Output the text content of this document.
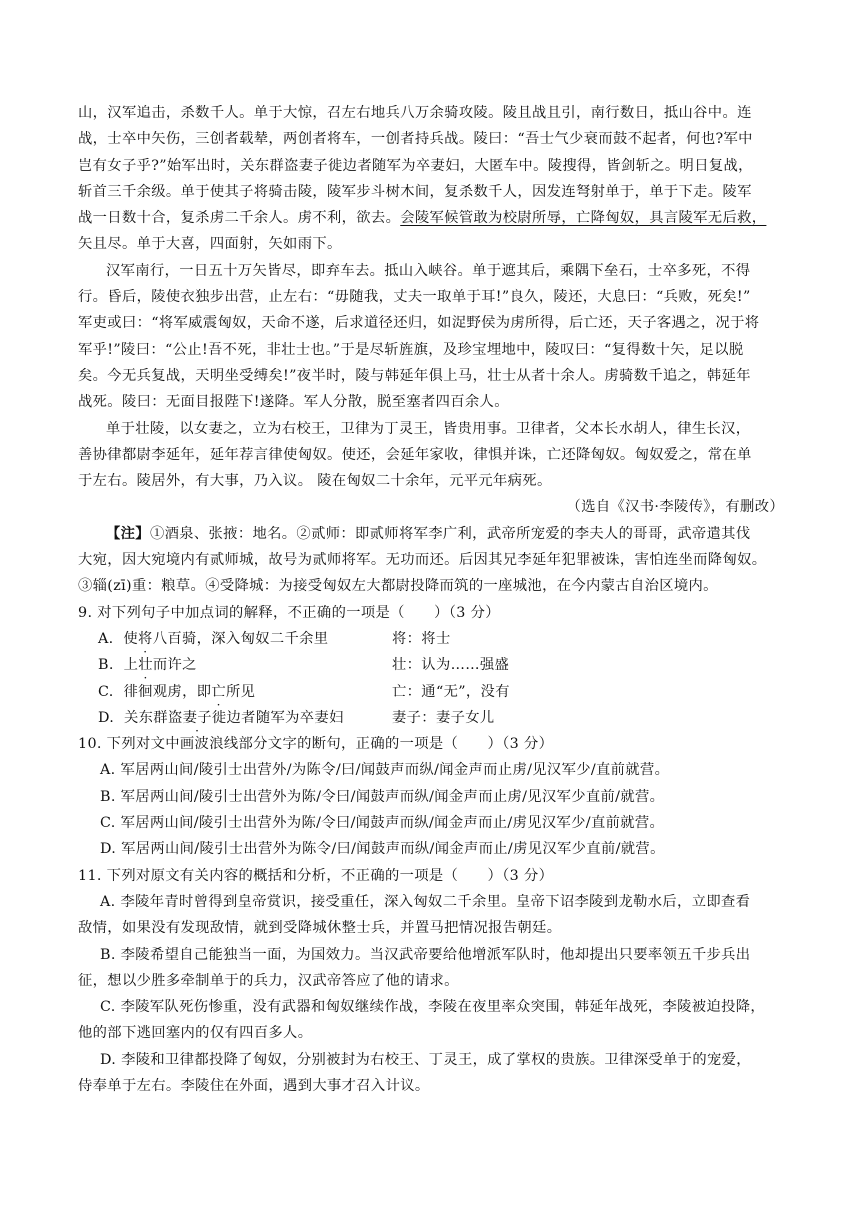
山，汉军追击，杀数千人。单于大惊，召左右地兵八万余骑攻陵。陵且战且引，南行数日，抵山谷中。连
战，士卒中矢伤，三创者载辇，两创者将车，一创者持兵战。陵曰：“吾士气少衰而鼓不起者，何也?军中
岂有女子乎?”始军出时，关东群盗妻子徙边者随军为卒妻妇，大匿车中。陵搜得，皆剑斩之。明日复战，
斩首三千余级。单于使其子将骑击陵，陵军步斗树木间，复杀数千人，因发连弩射单于，单于下走。陵军
战一日数十合，复杀虏二千余人。虏不利，欲去。会陵军候管敢为校尉所辱，亡降匈奴，具言陵军无后救，
矢且尽。单于大喜，四面射，矢如雨下。
汉军南行，一日五十万矢皆尽，即弃车去。抵山入峡谷。单于遮其后，乘隅下垒石，士卒多死，不得
行。昏后，陵使衣独步出营，止左右：“毋随我，丈夫一取单于耳!”良久，陵还，大息曰：“兵败，死矣!”
军吏或曰：“将军威震匈奴，天命不遂，后求道径还归，如浞野侯为虏所得，后亡还，天子客遇之，况于将
军乎!”陵曰：“公止!吾不死，非壮士也。”于是尽斩旌旗，及珍宝埋地中，陵叹曰：“复得数十矢，足以脱
矣。今无兵复战，天明坐受缚矣!”夜半时，陵与韩延年俱上马，壮士从者十余人。虏骑数千追之，韩延年
战死。陵曰：无面目报陛下!遂降。军人分散，脱至塞者四百余人。
单于壮陵，以女妻之，立为右校王，卫律为丁灵王，皆贵用事。卫律者，父本长水胡人，律生长汉，
善协律都尉李延年，延年荐言律使匈奴。使还，会延年家收，律惧并诛，亡还降匈奴。匈奴爱之，常在单
于左右。陵居外，有大事，乃入议。 陵在匈奴二十余年，元平元年病死。
（选自《汉书·李陵传》，有删改）
【注】①酒泉、张掖：地名。②贰师：即贰师将军李广利，武帝所宠爱的李夫人的哥哥，武帝遣其伐
大宛，因大宛境内有贰师城，故号为贰师将军。无功而还。后因其兄李延年犯罪被诛，害怕连坐而降匈奴。
③辎(zī)重：粮草。④受降城：为接受匈奴左大都尉投降而筑的一座城池，在今内蒙古自治区境内。
9. 对下列句子中加点词的解释，不正确的一项是（　　）（3 分）
A. 使将八百骑，深入匈奴二千余里	将：将士
B. 上壮而许之	壮：认为……强盛
C. 徘徊观虏，即亡所见	亡：通“无”，没有
D. 关东群盗妻子徙边者随军为卒妻妇	妻子：妻子女儿
10. 下列对文中画波浪线部分文字的断句，正确的一项是（　　）（3 分）
A. 军居两山间/陵引士出营外/为陈令/曰/闻鼓声而纵/闻金声而止虏/见汉军少/直前就营。
B. 军居两山间/陵引士出营外为陈/令曰/闻鼓声而纵/闻金声而止虏/见汉军少直前/就营。
C. 军居两山间/陵引士出营外为陈/令曰/闻鼓声而纵/闻金声而止/虏见汉军少/直前就营。
D. 军居两山间/陵引士出营外为陈令/曰/闻鼓声而纵/闻金声而止/虏见汉军少直前/就营。
11. 下列对原文有关内容的概括和分析，不正确的一项是（　　）（3 分）
A. 李陵年青时曾得到皇帝赏识，接受重任，深入匈奴二千余里。皇帝下诏李陵到龙勒水后，立即查看
敌情，如果没有发现敌情，就到受降城休整士兵，并置马把情况报告朝廷。
B. 李陵希望自己能独当一面，为国效力。当汉武帝要给他增派军队时，他却提出只要率领五千步兵出
征，想以少胜多牵制单于的兵力，汉武帝答应了他的请求。
C. 李陵军队死伤惨重，没有武器和匈奴继续作战，李陵在夜里率众突围，韩延年战死，李陵被迫投降，
他的部下逃回塞内的仅有四百多人。
D. 李陵和卫律都投降了匈奴，分别被封为右校王、丁灵王，成了掌权的贵族。卫律深受单于的宠爱，
侍奉单于左右。李陵住在外面，遇到大事才召入计议。
